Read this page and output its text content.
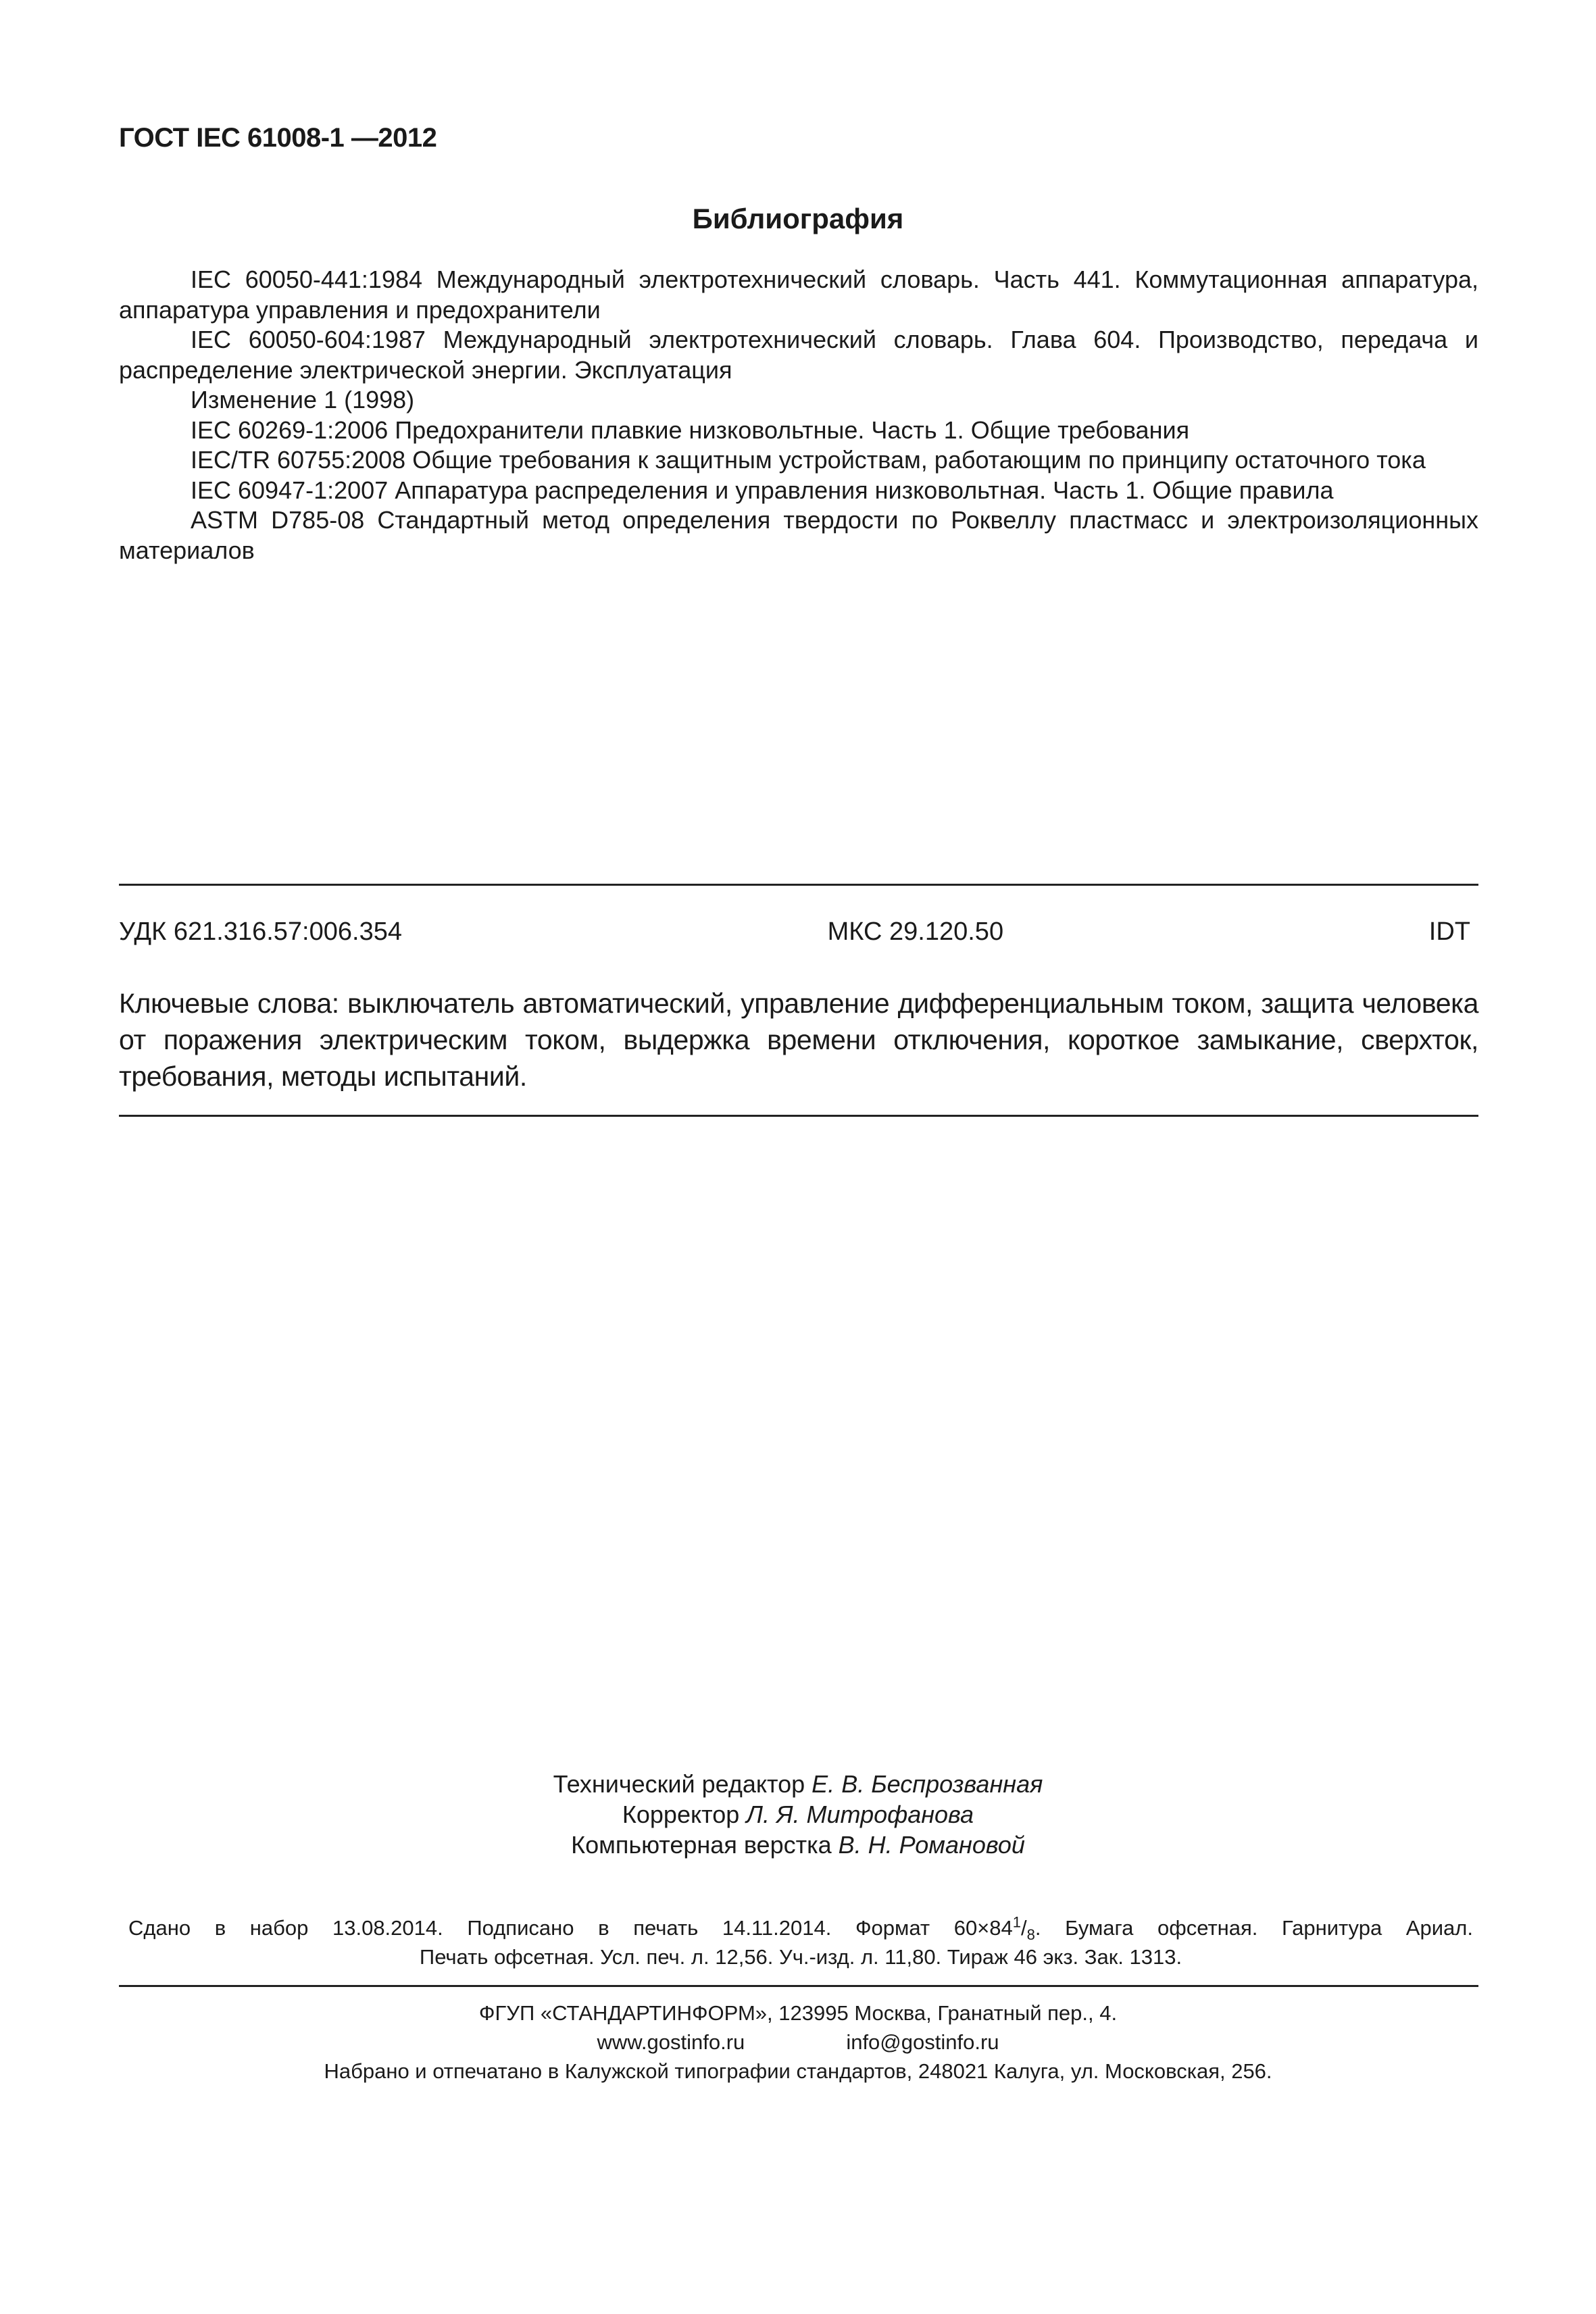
ГОСТ IEC 61008-1 —2012
Библиография

IEC 60050-441:1984 Международный электротехнический словарь. Часть 441. Коммутационная аппаратура, аппаратура управления и предохранители

IEC 60050-604:1987 Международный электротехнический словарь. Глава 604. Производство, передача и распределение электрической энергии. Эксплуатация

Изменение 1 (1998)

IEC 60269-1:2006 Предохранители плавкие низковольтные. Часть 1. Общие требования

IEC/TR 60755:2008 Общие требования к защитным устройствам, работающим по принципу остаточного тока

IEC 60947-1:2007 Аппаратура распределения и управления низковольтная. Часть 1. Общие правила

ASTM D785-08 Стандартный метод определения твердости по Роквеллу пластмасс и электроизоляционных материалов

УДК 621.316.57:006.354	МКС 29.120.50	IDT
Ключевые слова: выключатель автоматический, управление дифференциальным током, защита человека от поражения электрическим током, выдержка времени отключения, короткое замыкание, сверхток, требования, методы испытаний.
Технический редактор Е. В. Беспрозванная
Корректор Л. Я. Митрофанова
Компьютерная верстка В. Н. Романовой
Сдано в набор 13.08.2014. Подписано в печать 14.11.2014. Формат $60\times 84^1/_8$. Бумага офсетная. Гарнитура Ариал.
Печать офсетная. Усл. печ. л. 12,56. Уч.-изд. л. 11,80. Тираж 46 экз. Зак. 1313.
ФГУП «СТАНДАРТИНФОРМ», 123995 Москва, Гранатный пер., 4.
www.gostinfo.ru	info@gostinfo.ru
Набрано и отпечатано в Калужской типографии стандартов, 248021 Калуга, ул. Московская, 256.
